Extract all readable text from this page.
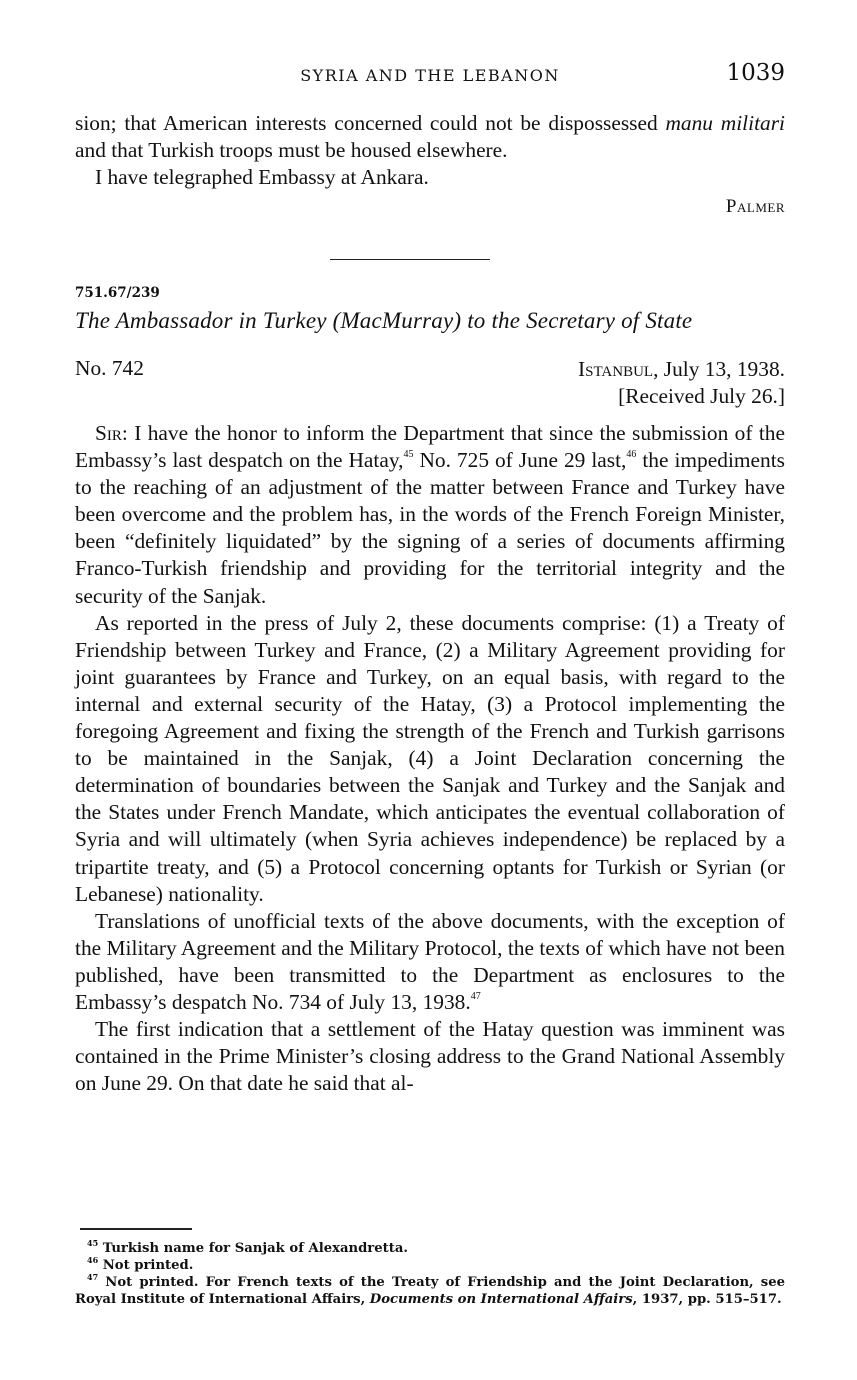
SYRIA AND THE LEBANON	1039

sion; that American interests concerned could not be dispossessed manu militari and that Turkish troops must be housed elsewhere.

I have telegraphed Embassy at Ankara.

Palmer
751.67/239
The Ambassador in Turkey (MacMurray) to the Secretary of State
No. 742	Istanbul, July 13, 1938.
[Received July 26.]

Sir: I have the honor to inform the Department that since the submission of the Embassy’s last despatch on the Hatay,$^{45}$ No. 725 of June 29 last,$^{46}$ the impediments to the reaching of an adjustment of the matter between France and Turkey have been overcome and the problem has, in the words of the French Foreign Minister, been “definitely liquidated” by the signing of a series of documents affirming Franco-Turkish friendship and providing for the territorial integrity and the security of the Sanjak.

As reported in the press of July 2, these documents comprise: (1) a Treaty of Friendship between Turkey and France, (2) a Military Agreement providing for joint guarantees by France and Turkey, on an equal basis, with regard to the internal and external security of the Hatay, (3) a Protocol implementing the foregoing Agreement and fixing the strength of the French and Turkish garrisons to be maintained in the Sanjak, (4) a Joint Declaration concerning the determination of boundaries between the Sanjak and Turkey and the Sanjak and the States under French Mandate, which anticipates the eventual collaboration of Syria and will ultimately (when Syria achieves independence) be replaced by a tripartite treaty, and (5) a Protocol concerning optants for Turkish or Syrian (or Lebanese) nationality.

Translations of unofficial texts of the above documents, with the exception of the Military Agreement and the Military Protocol, the texts of which have not been published, have been transmitted to the Department as enclosures to the Embassy’s despatch No. 734 of July 13, 1938.47

The first indication that a settlement of the Hatay question was imminent was contained in the Prime Minister’s closing address to the Grand National Assembly on June 29. On that date he said that al-

$^{45}$ Turkish name for Sanjak of Alexandretta.

$^{46}$ Not printed.

$^{47}$ Not printed. For French texts of the Treaty of Friendship and the Joint Declaration, see Royal Institute of International Affairs, Documents on International Affairs, 1937, pp. 515–517.
